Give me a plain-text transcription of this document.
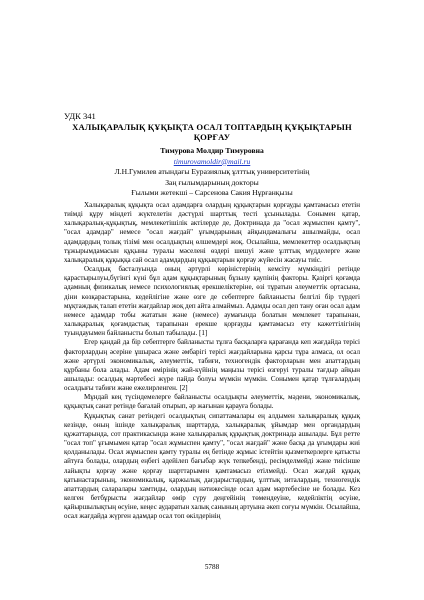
УДК 341
ХАЛЫҚАРАЛЫҚ ҚҰҚЫҚТА ОСАЛ ТОПТАРДЫҢ ҚҰҚЫҚТАРЫН ҚОРҒАУ
Тимурова Молдир Тимуровна
timurovamoldir@mail.ru
Л.Н.Гумилев атындағы Еуразиялық ұлттық университетінің
Заң ғылымдарының докторы
Ғылыми жетекші – Сарсенова Сакия Нұрғанқызы

Халықаралық құқықта осал адамдарға олардың құқықтарын қорғауды қамтамасыз ететін тиімді құру міндеті жүктелетін дәстүрлі шарттық тесті ұсынылады. Сонымен қатар, халықаралық-құқықтық, мемлекетішілік актілерде де, Доктринада да "осал жұмыспен қамту", "осал адамдар" немесе "осал жағдай" ұғымдарының айқындамалығы ашылмайды, осал адамдардың толық тізімі мен осалдықтың өлшемдері жоқ. Осылайша, мемлекеттер осалдықтың тұжырымдамасын құқыны туралы мәселені өздері шешуі және ұлттық мүдделерге және халықаралық құқыққа сай осал адамдардың құқықтарын қорғау жүйесін жасауы тиіс.

Осалдық басталуында оның әртүрлі көріністерінің кемсіту мүмкіндігі ретінде қарастырылуы,бүгінгі күні бұл адам құқықтарының бұзылу қаупінің факторы. Қазіргі қоғамда адамның физикалық немесе психологиялық ерекшеліктеріне, өзі тұратын әлеуметтік ортасына, діни көзқарастарына, кедейлігіне және өзге де себептерге байланысты белгілі бір түрдегі мұқтаждық талап ететін жағдайлар жоқ деп айта алмаймыз. Адамды осал деп тану оған осал адам немесе адамдар тобы жататын және (немесе) аумағында болатын мемлекет тарапынан, халықаралық қоғамдастық тарапынан ерекше қорғауды қамтамасыз ету кажеттілігінің туындауымен байланысты болып табылады. [1]

Егер қандай да бір себептерге байланысты тұлға басқаларға қарағанда кеп жағдайда терісі факторлардың әсеріне ұшыраса және әмбарігі терісі жағдайларына қарсы тұра алмаса, ол осал және әртүрлі экономикалық, әлеуметтік, табиғи, техногендік факторларын мен апаттардың құрбаны бола алады. Адам өмірінің жай-күйінің маңызы терісі өзгеруі туралы тағдыр айқын ашылады: осалдық мәртебесі жүре пайда болуы мүмкін мүмкін. Сонымен қатар тұлғалардың осалдығы табиғи және ежелирленген. [2]

Мұндай кең түсіндемелерге байланысты осалдықты әлеуметтік, мәдени, экономикалық, құқықтық санат ретінде бағалай отырып, әр жағынан қарауға болады.

Құқықтық санат ретіндегі осалдықтың сипаттамалары ең алдымен халықаралық құқық кезінде, оның ішінде халықаралық шарттарда, халықаралық ұйымдар мен органдардың құжаттарында, сот практикасында және халықаралық құқықтық доктринада ашылады. Бұл ретте "осал топ" ұғымымен қатар "осал жұмыспен қамту", "осал жағдай" және басқа да ұғымдары жиі қолданылады. Осал жұмыспен қамту туралы ең бетінде жұмыс істейтін қызметкерлерге қатысты айтуға болады, олардың еңбегі әдейілеп бағыбар жүк тепкебенді, ресімделмейді және тиісінше лайықты қорғау және қорғау шарттарымен қамтамасыз етілмейді. Осал жағдай құқық қатынастарының, экономикалық, қаржылық дағдарыстардың, ұлттық зиталардың, техногендік апаттардың саларалары хамтиды, олардың нәтижесінде осал адам мәртебесіне не болады. Кез келген бетбұрысты жағдайлар өмір сүру деңгейінің төмендеуіне, кедейліктің өсуіне, қайыршылықтың өсуіне, кеңес аударатын халық санының артуына әкеп соғуы мүмкін. Осылайша, осал жағдайда жүрген адамдар осал топ өкілдерінің

5788
